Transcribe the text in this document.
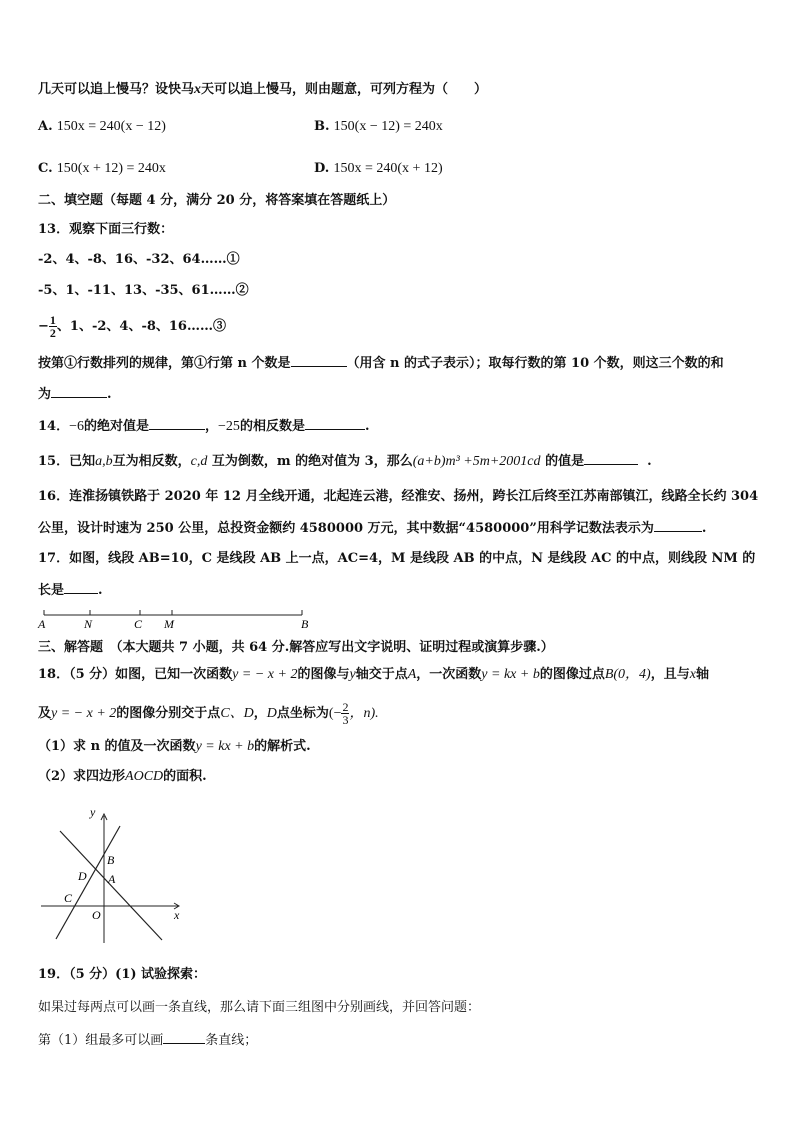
几天可以追上慢马？设快马x天可以追上慢马，则由题意，可列方程为（　　）
A. 150x = 240(x − 12)	B. 150(x − 12) = 240x
C. 150(x + 12) = 240x	D. 150x = 240(x + 12)
二、填空题（每题 4 分，满分 20 分，将答案填在答题纸上）
13．观察下面三行数：
-2、4、-8、16、-32、64……①
-5、1、-11、13、-35、61……②
− $\frac{1}{2}$ 、1、-2、4、-8、16……③
按第①行数排列的规律，第①行第 n 个数是	（用含 n 的式子表示）；取每行数的第 10 个数，则这三个数的和
为	.
14．−6的绝对值是	，−25的相反数是	.
15．已知a,b互为相反数，c,d 互为倒数，m 的绝对值为 3，那么(a+b)m³ +5m+2001cd 的值是	.
16．连淮扬镇铁路于 2020 年 12 月全线开通，北起连云港，经淮安、扬州，跨长江后终至江苏南部镇江，线路全长约 304
公里，设计时速为 250 公里，总投资金额约 4580000 万元，其中数据“4580000”用科学记数法表示为	.
17．如图，线段 AB=10，C 是线段 AB 上一点，AC=4，M 是线段 AB 的中点，N 是线段 AC 的中点，则线段 NM 的
长是	.
A	N	C M	B
三、解答题　（本大题共 7 小题，共 64 分.解答应写出文字说明、证明过程或演算步骤.）
18．（5 分）如图，已知一次函数y = − x + 2的图像与y轴交于点A，一次函数y = kx + b的图像过点B(0，4)，且与x轴
及y = − x + 2的图像分别交于点C、D，D点坐标为(− $\frac{2}{3}$ ，n).
（1）求 n 的值及一次函数y = kx + b的解析式.
（2）求四边形AOCD的面积.
y
x
B
D A
C
O
19．（5 分）(1) 试验探索：
如果过每两点可以画一条直线，那么请下面三组图中分别画线，并回答问题：
第（1）组最多可以画	条直线；
